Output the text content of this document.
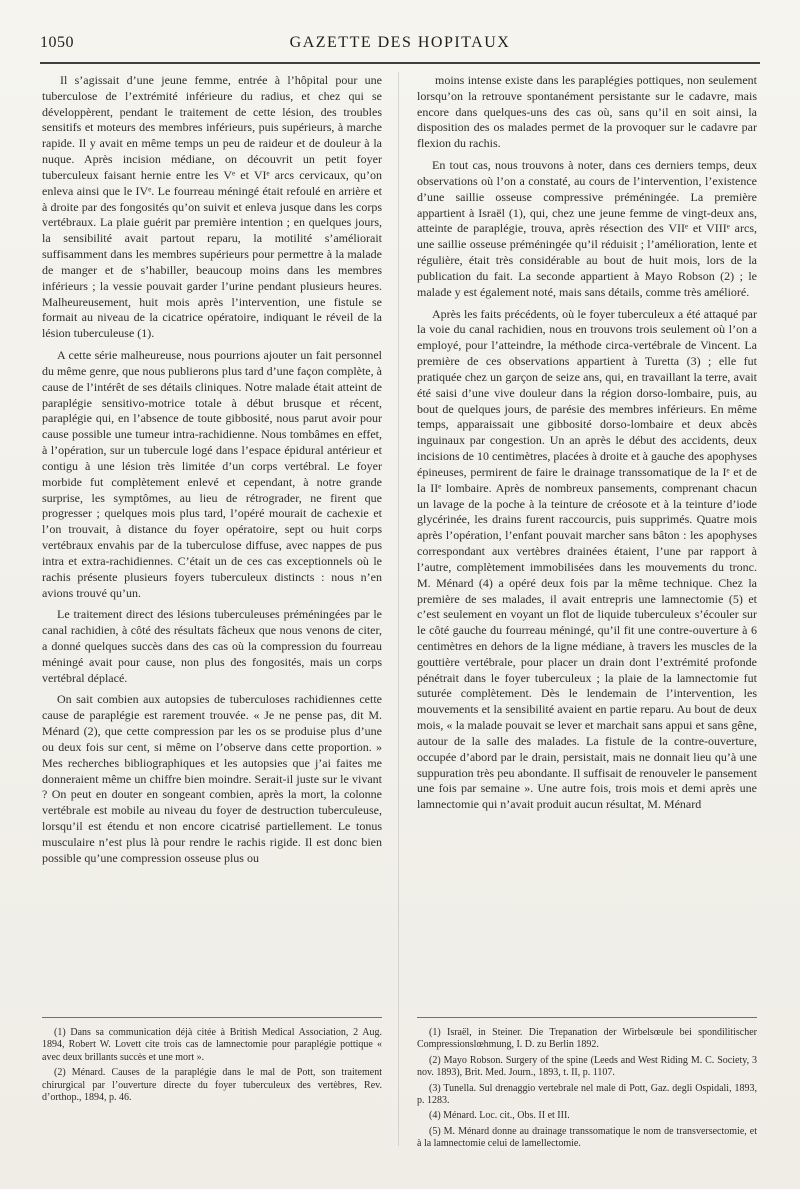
1050	GAZETTE DES HOPITAUX

Il s’agissait d’une jeune femme, entrée à l’hôpital pour une tuberculose de l’extrémité inférieure du radius, et chez qui se développèrent, pendant le traitement de cette lésion, des troubles sensitifs et moteurs des membres inférieurs, puis supérieurs, à marche rapide. Il y avait en même temps un peu de raideur et de douleur à la nuque. Après incision médiane, on découvrit un petit foyer tuberculeux faisant hernie entre les Vᵉ et VIᵉ arcs cervicaux, qu’on enleva ainsi que le IVᵉ. Le fourreau méningé était refoulé en arrière et à droite par des fongosités qu’on suivit et enleva jusque dans les corps vertébraux. La plaie guérit par première intention ; en quelques jours, la sensibilité avait partout reparu, la motilité s’améliorait suffisamment dans les membres supérieurs pour permettre à la malade de manger et de s’habiller, beaucoup moins dans les membres inférieurs ; la vessie pouvait garder l’urine pendant plusieurs heures. Malheureusement, huit mois après l’intervention, une fistule se formait au niveau de la cicatrice opératoire, indiquant le réveil de la lésion tuberculeuse (1).

A cette série malheureuse, nous pourrions ajouter un fait personnel du même genre, que nous publierons plus tard d’une façon complète, à cause de l’intérêt de ses détails cliniques. Notre malade était atteint de paraplégie sensitivo-motrice totale à début brusque et récent, paraplégie qui, en l’absence de toute gibbosité, nous parut avoir pour cause possible une tumeur intra-rachidienne. Nous tombâmes en effet, à l’opération, sur un tubercule logé dans l’espace épidural antérieur et contigu à une lésion très limitée d’un corps vertébral. Le foyer morbide fut complètement enlevé et cependant, à notre grande surprise, les symptômes, au lieu de rétrograder, ne firent que progresser ; quelques mois plus tard, l’opéré mourait de cachexie et l’on trouvait, à distance du foyer opératoire, sept ou huit corps vertébraux envahis par de la tuberculose diffuse, avec nappes de pus intra et extra-rachidiennes. C’était un de ces cas exceptionnels où le rachis présente plusieurs foyers tuberculeux distincts : nous n’en avions trouvé qu’un.

Le traitement direct des lésions tuberculeuses préméningées par le canal rachidien, à côté des résultats fâcheux que nous venons de citer, a donné quelques succès dans des cas où la compression du fourreau méningé avait pour cause, non plus des fongosités, mais un corps vertébral déplacé.

On sait combien aux autopsies de tuberculoses rachidiennes cette cause de paraplégie est rarement trouvée. « Je ne pense pas, dit M. Ménard (2), que cette compression par les os se produise plus d’une ou deux fois sur cent, si même on l’observe dans cette proportion. » Mes recherches bibliographiques et les autopsies que j’ai faites me donneraient même un chiffre bien moindre. Serait-il juste sur le vivant ? On peut en douter en songeant combien, après la mort, la colonne vertébrale est mobile au niveau du foyer de destruction tuberculeuse, lorsqu’il est étendu et non encore cicatrisé partiellement. Le tonus musculaire n’est plus là pour rendre le rachis rigide. Il est donc bien possible qu’une compression osseuse plus ou

moins intense existe dans les paraplégies pottiques, non seulement lorsqu’on la retrouve spontanément persistante sur le cadavre, mais encore dans quelques-uns des cas où, sans qu’il en soit ainsi, la disposition des os malades permet de la provoquer sur le cadavre par flexion du rachis.

En tout cas, nous trouvons à noter, dans ces derniers temps, deux observations où l’on a constaté, au cours de l’intervention, l’existence d’une saillie osseuse compressive préméningée. La première appartient à Israël (1), qui, chez une jeune femme de vingt-deux ans, atteinte de paraplégie, trouva, après résection des VIIᵉ et VIIIᵉ arcs, une saillie osseuse préméningée qu’il réduisit ; l’amélioration, lente et régulière, était très considérable au bout de huit mois, lors de la publication du fait. La seconde appartient à Mayo Robson (2) ; le malade y est également noté, mais sans détails, comme très amélioré.

Après les faits précédents, où le foyer tuberculeux a été attaqué par la voie du canal rachidien, nous en trouvons trois seulement où l’on a employé, pour l’atteindre, la méthode circa-vertébrale de Vincent. La première de ces observations appartient à Turetta (3) ; elle fut pratiquée chez un garçon de seize ans, qui, en travaillant la terre, avait été saisi d’une vive douleur dans la région dorso-lombaire, puis, au bout de quelques jours, de parésie des membres inférieurs. En même temps, apparaissait une gibbosité dorso-lombaire et deux abcès inguinaux par congestion. Un an après le début des accidents, deux incisions de 10 centimètres, placées à droite et à gauche des apophyses épineuses, permirent de faire le drainage transsomatique de la Iᵉ et de la IIᵉ lombaire. Après de nombreux pansements, comprenant chacun un lavage de la poche à la teinture de créosote et à la teinture d’iode glycérinée, les drains furent raccourcis, puis supprimés. Quatre mois après l’opération, l’enfant pouvait marcher sans bâton : les apophyses correspondant aux vertèbres drainées étaient, l’une par rapport à l’autre, complètement immobilisées dans les mouvements du tronc. M. Ménard (4) a opéré deux fois par la même technique. Chez la première de ses malades, il avait entrepris une lamnectomie (5) et c’est seulement en voyant un flot de liquide tuberculeux s’écouler sur le côté gauche du fourreau méningé, qu’il fit une contre-ouverture à 6 centimètres en dehors de la ligne médiane, à travers les muscles de la gouttière vertébrale, pour placer un drain dont l’extrémité profonde pénétrait dans le foyer tuberculeux ; la plaie de la lamnectomie fut suturée complètement. Dès le lendemain de l’intervention, les mouvements et la sensibilité avaient en partie reparu. Au bout de deux mois, « la malade pouvait se lever et marchait sans appui et sans gêne, autour de la salle des malades. La fistule de la contre-ouverture, occupée d’abord par le drain, persistait, mais ne donnait lieu qu’à une suppuration très peu abondante. Il suffisait de renouveler le pansement une fois par semaine ». Une autre fois, trois mois et demi après une lamnectomie qui n’avait produit aucun résultat, M. Ménard

(1) Dans sa communication déjà citée à British Medical Association, 2 Aug. 1894, Robert W. Lovett cite trois cas de lamnectomie pour paraplégie pottique « avec deux brillants succès et une mort ».

(2) Ménard. Causes de la paraplégie dans le mal de Pott, son traitement chirurgical par l’ouverture directe du foyer tuberculeux des vertèbres, Rev. d’orthop., 1894, p. 46.

(1) Israël, in Steiner. Die Trepanation der Wirbelsœule bei spondilitischer Compressionslœhmung, I. D. zu Berlin 1892.

(2) Mayo Robson. Surgery of the spine (Leeds and West Riding M. C. Society, 3 nov. 1893), Brit. Med. Journ., 1893, t. II, p. 1107.

(3) Tunella. Sul drenaggio vertebrale nel male di Pott, Gaz. degli Ospidali, 1893, p. 1283.

(4) Ménard. Loc. cit., Obs. II et III.

(5) M. Ménard donne au drainage transsomatique le nom de transversectomie, et à la lamnectomie celui de lamellectomie.
